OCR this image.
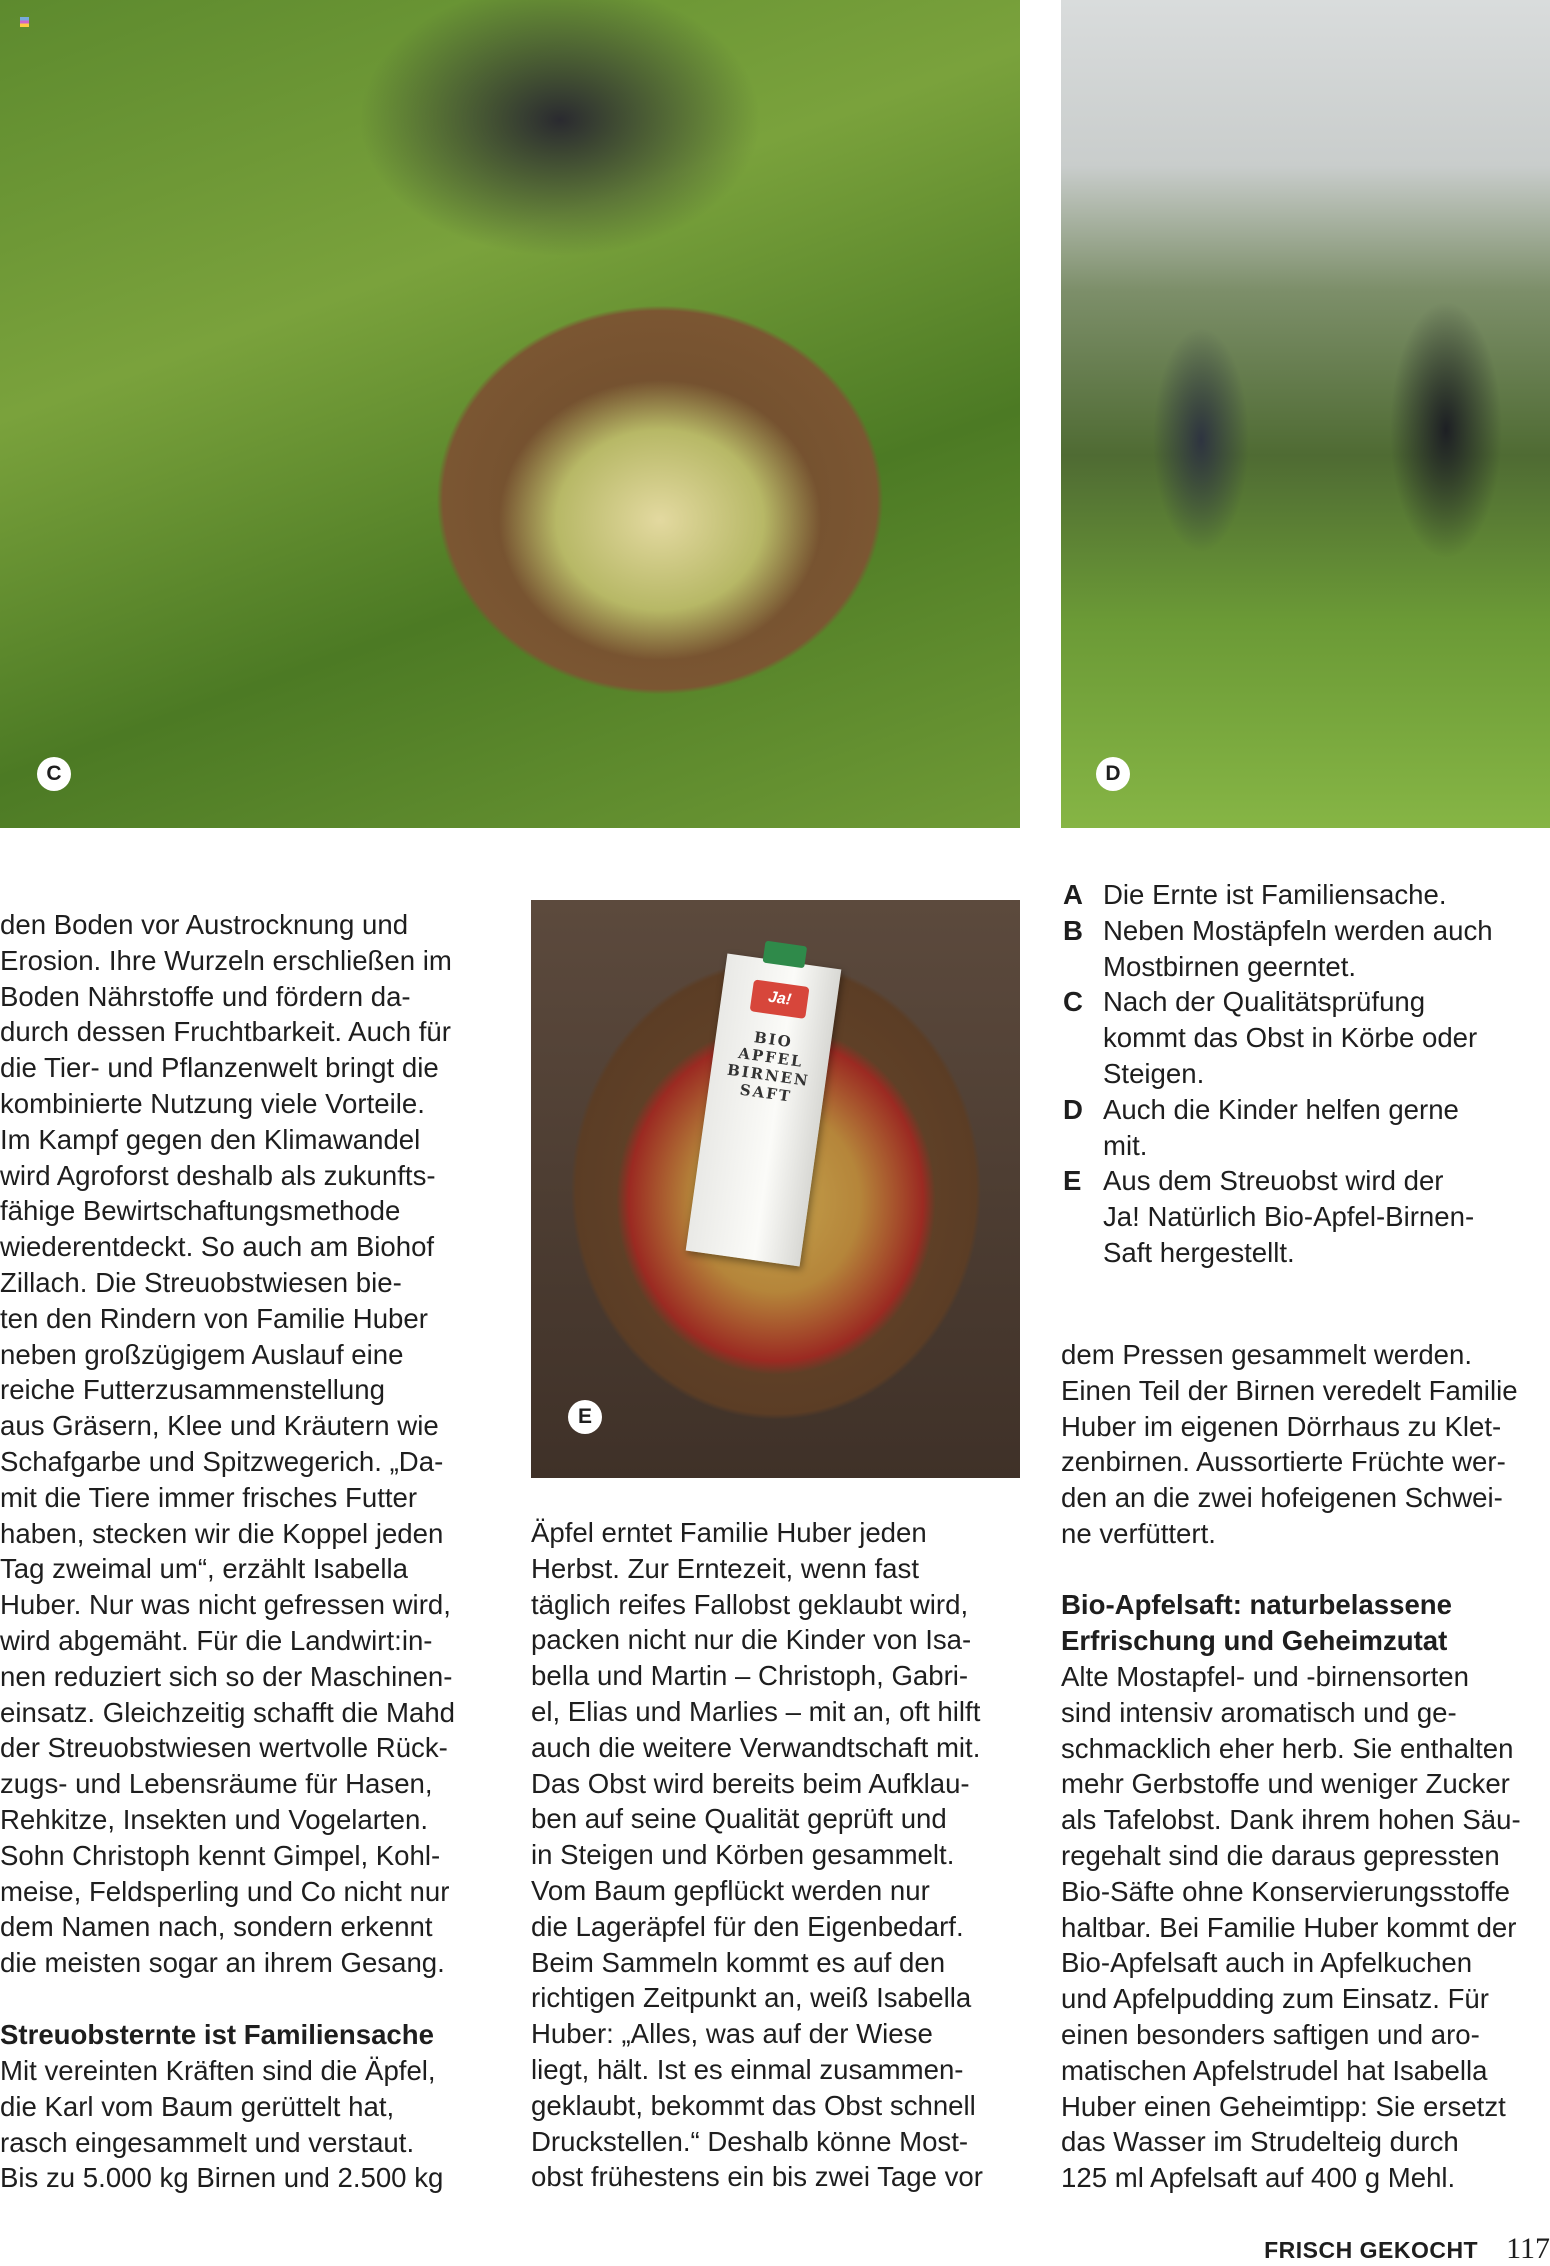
C	D
Ja!
BIO
APFEL
BIRNEN
SAFT
E
den Boden vor Austrocknung und
Erosion. Ihre Wurzeln erschließen im
Boden Nährstoffe und fördern da-
durch dessen Fruchtbarkeit. Auch für
die Tier- und Pflanzenwelt bringt die
kombinierte Nutzung viele Vorteile.
Im Kampf gegen den Klimawandel
wird Agroforst deshalb als zukunfts-
fähige Bewirtschaftungsmethode
wiederentdeckt. So auch am Biohof
Zillach. Die Streuobstwiesen bie-
ten den Rindern von Familie Huber
neben großzügigem Auslauf eine
reiche Futterzusammenstellung
aus Gräsern, Klee und Kräutern wie
Schafgarbe und Spitzwegerich. „Da-
mit die Tiere immer frisches Futter
haben, stecken wir die Koppel jeden
Tag zweimal um“, erzählt Isabella
Huber. Nur was nicht gefressen wird,
wird abgemäht. Für die Landwirt:in-
nen reduziert sich so der Maschinen-
einsatz. Gleichzeitig schafft die Mahd
der Streuobstwiesen wertvolle Rück-
zugs- und Lebensräume für Hasen,
Rehkitze, Insekten und Vogelarten.
Sohn Christoph kennt Gimpel, Kohl-
meise, Feldsperling und Co nicht nur
dem Namen nach, sondern erkennt
die meisten sogar an ihrem Gesang.
Streuobsternte ist Familiensache
Mit vereinten Kräften sind die Äpfel,
die Karl vom Baum gerüttelt hat,
rasch eingesammelt und verstaut.
Bis zu 5.000 kg Birnen und 2.500 kg
Äpfel erntet Familie Huber jeden
Herbst. Zur Erntezeit, wenn fast
täglich reifes Fallobst geklaubt wird,
packen nicht nur die Kinder von Isa-
bella und Martin – Christoph, Gabri-
el, Elias und Marlies – mit an, oft hilft
auch die weitere Verwandtschaft mit.
Das Obst wird bereits beim Aufklau-
ben auf seine Qualität geprüft und
in Steigen und Körben gesammelt.
Vom Baum gepflückt werden nur
die Lageräpfel für den Eigenbedarf.
Beim Sammeln kommt es auf den
richtigen Zeitpunkt an, weiß Isabella
Huber: „Alles, was auf der Wiese
liegt, hält. Ist es einmal zusammen-
geklaubt, bekommt das Obst schnell
Druckstellen.“ Deshalb könne Most-
obst frühestens ein bis zwei Tage vor
A Die Ernte ist Familiensache.
B Neben Mostäpfeln werden auch
Mostbirnen geerntet.
C Nach der Qualitätsprüfung
kommt das Obst in Körbe oder
Steigen.
D Auch die Kinder helfen gerne
mit.
E Aus dem Streuobst wird der
Ja! Natürlich Bio-Apfel-Birnen-
Saft hergestellt.
dem Pressen gesammelt werden.
Einen Teil der Birnen veredelt Familie
Huber im eigenen Dörrhaus zu Klet-
zenbirnen. Aussortierte Früchte wer-
den an die zwei hofeigenen Schwei-
ne verfüttert.
Bio-Apfelsaft: naturbelassene
Erfrischung und Geheimzutat
Alte Mostapfel- und -birnensorten
sind intensiv aromatisch und ge-
schmacklich eher herb. Sie enthalten
mehr Gerbstoffe und weniger Zucker
als Tafelobst. Dank ihrem hohen Säu-
regehalt sind die daraus gepressten
Bio-Säfte ohne Konservierungsstoffe
haltbar. Bei Familie Huber kommt der
Bio-Apfelsaft auch in Apfelkuchen
und Apfelpudding zum Einsatz. Für
einen besonders saftigen und aro-
matischen Apfelstrudel hat Isabella
Huber einen Geheimtipp: Sie ersetzt
das Wasser im Strudelteig durch
125 ml Apfelsaft auf 400 g Mehl.
FRISCH GEKOCHT 117
